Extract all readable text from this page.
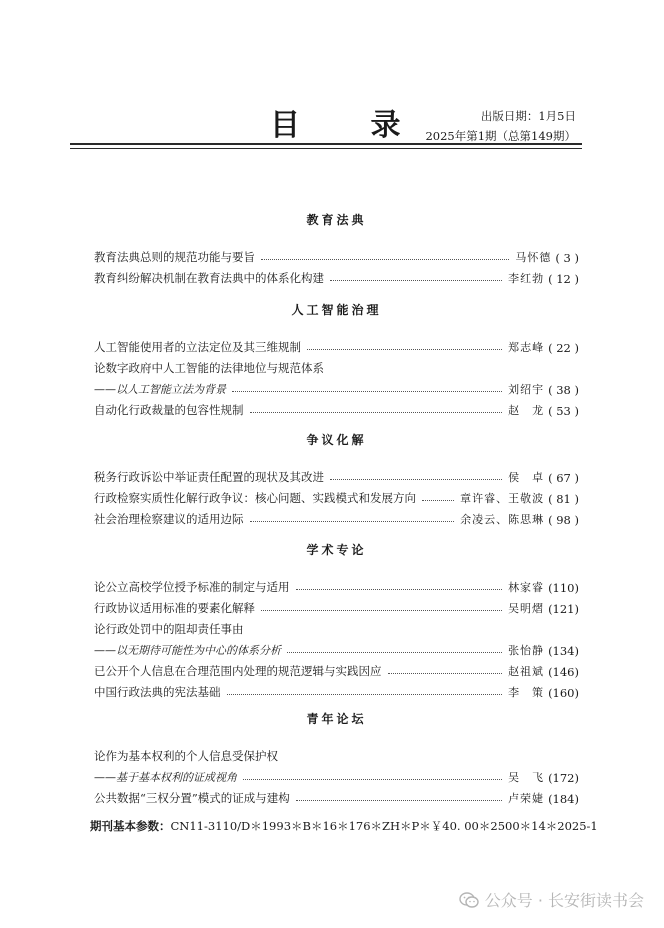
目 录	出版日期：1月5日
2025年第1期（总第149期）
教育法典
教育法典总则的规范功能与要旨	马怀德 ( 3 )
教育纠纷解决机制在教育法典中的体系化构建	李红勃 ( 12 )
人工智能治理
人工智能使用者的立法定位及其三维规制	郑志峰 ( 22 )
论数字政府中人工智能的法律地位与规范体系
——以人工智能立法为背景	刘绍宇 ( 38 )
自动化行政裁量的包容性规制	赵　龙 ( 53 )
争议化解
税务行政诉讼中举证责任配置的现状及其改进	侯　卓 ( 67 )
行政检察实质性化解行政争议：核心问题、实践模式和发展方向	章许睿、王敬波 ( 81 )
社会治理检察建议的适用边际	余凌云、陈思琳 ( 98 )
学术专论
论公立高校学位授予标准的制定与适用	林家睿 (110)
行政协议适用标准的要素化解释	吴明熠 (121)
论行政处罚中的阻却责任事由
——以无期待可能性为中心的体系分析	张怡静 (134)
已公开个人信息在合理范围内处理的规范逻辑与实践因应	赵祖斌 (146)
中国行政法典的宪法基础	李　策 (160)
青年论坛
论作为基本权利的个人信息受保护权
——基于基本权利的证成视角	吴　飞 (172)
公共数据“三权分置”模式的证成与建构	卢荣婕 (184)
期刊基本参数：CN11-3110/D＊1993＊B＊16＊176＊ZH＊P＊￥40. 00＊2500＊14＊2025-1
公众号 · 长安街读书会
